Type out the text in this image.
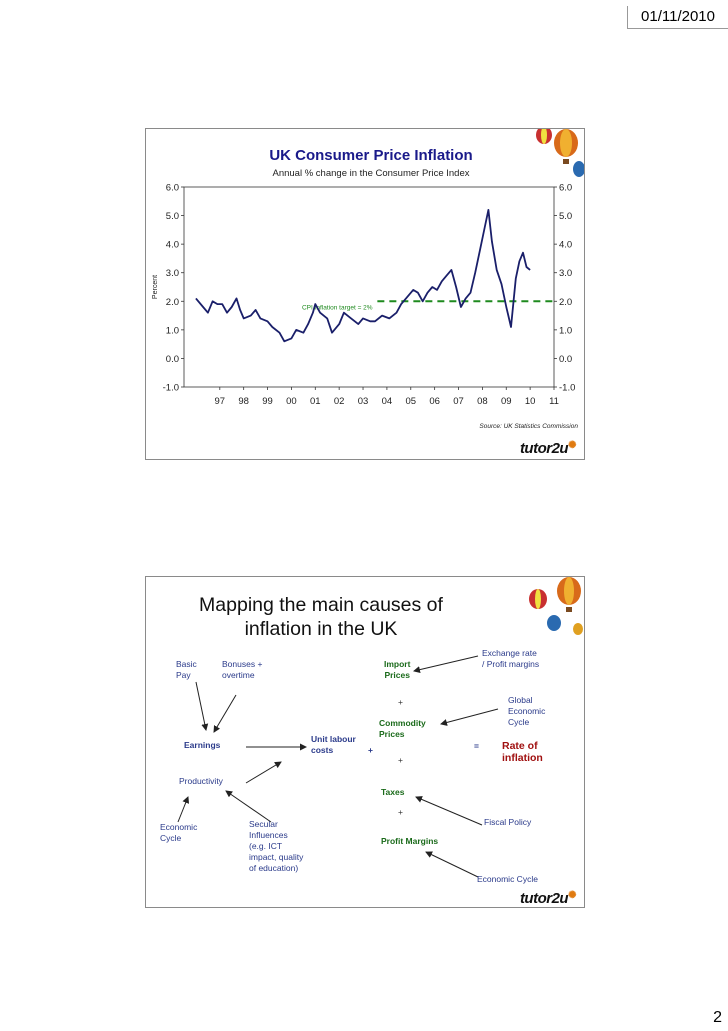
01/11/2010
UK Consumer Price Inflation
Annual % change in the Consumer Price Index
Percent
6.0	6.0
5.0	5.0
4.0	4.0
3.0	3.0
2.0	2.0
1.0	1.0
0.0	0.0
-1.0	-1.0
97 98 99 00 01 02 03 04 05 06 07 08 09 10 11
CPI Inflation target = 2%
Source: UK Statistics Commission
tutor2u✺
Mapping the main causes of inflation in the UK
Basic
Pay
Bonuses +
overtime
Earnings
Productivity
Economic
Cycle
Secular
Influences
(e.g. ICT
impact, quality
of education)
Unit labour
costs	+
Import
Prices
+
Commodity
Prices
+
Taxes
+
Profit Margins
Exchange rate
/ Profit margins
Global
Economic
Cycle
= Rate of
inflation
Fiscal Policy
Economic Cycle
tutor2u✺
2
